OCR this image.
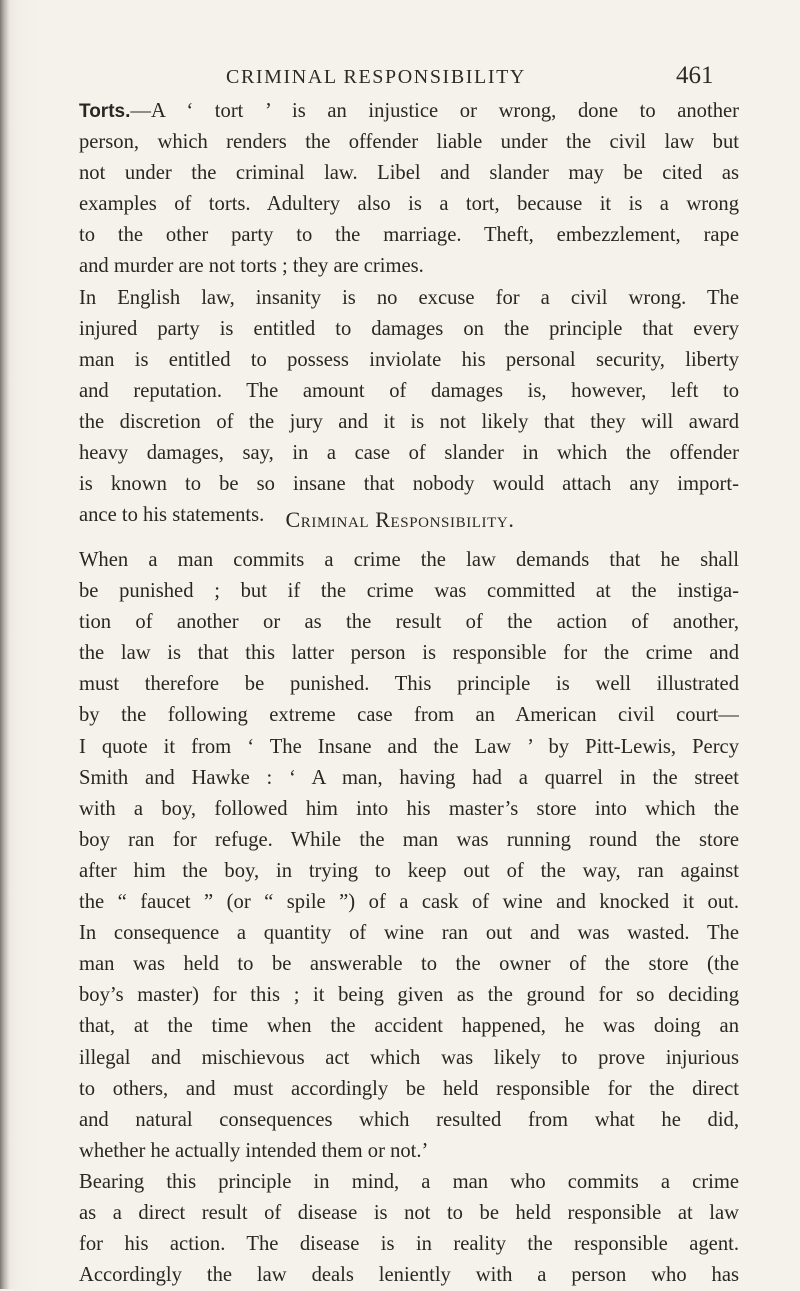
CRIMINAL RESPONSIBILITY	461
Torts.—A ‘ tort ’ is an injustice or wrong, done to another
person, which renders the offender liable under the civil law but
not under the criminal law. Libel and slander may be cited as
examples of torts. Adultery also is a tort, because it is a wrong
to the other party to the marriage. Theft, embezzlement, rape
and murder are not torts ; they are crimes.
In English law, insanity is no excuse for a civil wrong. The
injured party is entitled to damages on the principle that every
man is entitled to possess inviolate his personal security, liberty
and reputation. The amount of damages is, however, left to
the discretion of the jury and it is not likely that they will award
heavy damages, say, in a case of slander in which the offender
is known to be so insane that nobody would attach any import-
ance to his statements. Criminal Responsibility.
When a man commits a crime the law demands that he shall
be punished ; but if the crime was committed at the instiga-
tion of another or as the result of the action of another,
the law is that this latter person is responsible for the crime and
must therefore be punished. This principle is well illustrated
by the following extreme case from an American civil court—
I quote it from ‘ The Insane and the Law ’ by Pitt-Lewis, Percy
Smith and Hawke : ‘ A man, having had a quarrel in the street
with a boy, followed him into his master’s store into which the
boy ran for refuge. While the man was running round the store
after him the boy, in trying to keep out of the way, ran against
the “ faucet ” (or “ spile ”) of a cask of wine and knocked it out.
In consequence a quantity of wine ran out and was wasted. The
man was held to be answerable to the owner of the store (the
boy’s master) for this ; it being given as the ground for so deciding
that, at the time when the accident happened, he was doing an
illegal and mischievous act which was likely to prove injurious
to others, and must accordingly be held responsible for the direct
and natural consequences which resulted from what he did,
whether he actually intended them or not.’
Bearing this principle in mind, a man who commits a crime
as a direct result of disease is not to be held responsible at law
for his action. The disease is in reality the responsible agent.
Accordingly the law deals leniently with a person who has
